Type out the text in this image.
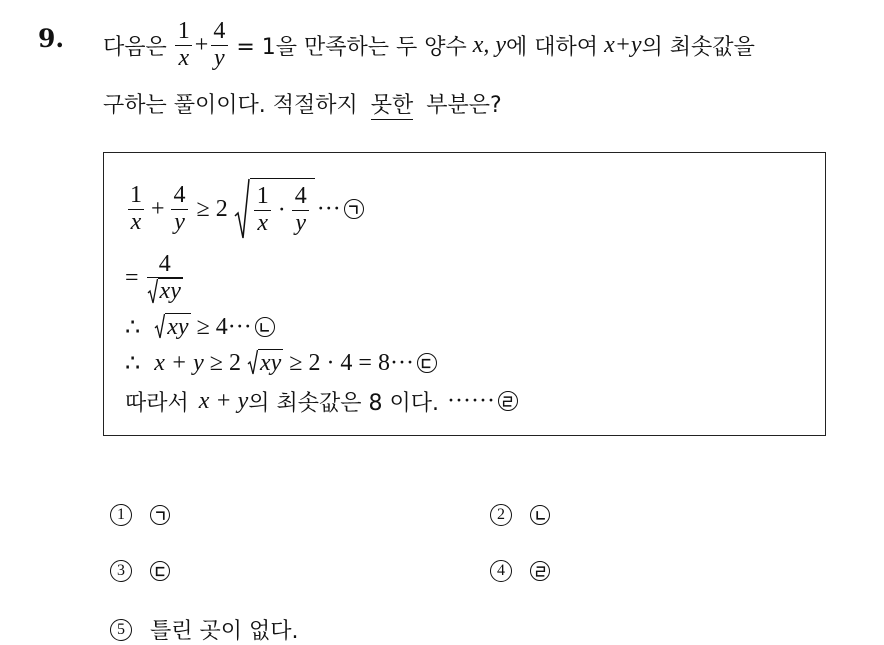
9. 다음은 $\frac{1}{x} + \frac{4}{y} = 1$을 만족하는 두 양수 x, y 에 대하여 x+y 의 최솟값을
구하는 풀이이다. 적절하지 못한 부분은?
$\frac{1}{x} + \frac{4}{y} \ge 2 \frac{1}{x} \cdot \frac{4}{y}$ ···
= $\frac{4}{xy}$
∴ xy ≥ 4···
∴ x + y ≥ 2 xy ≥ 2 · 4 = 8···
따라서 x + y 의 최솟값은 8 이다. ······
1	2
3	4
5	틀린 곳이 없다.
